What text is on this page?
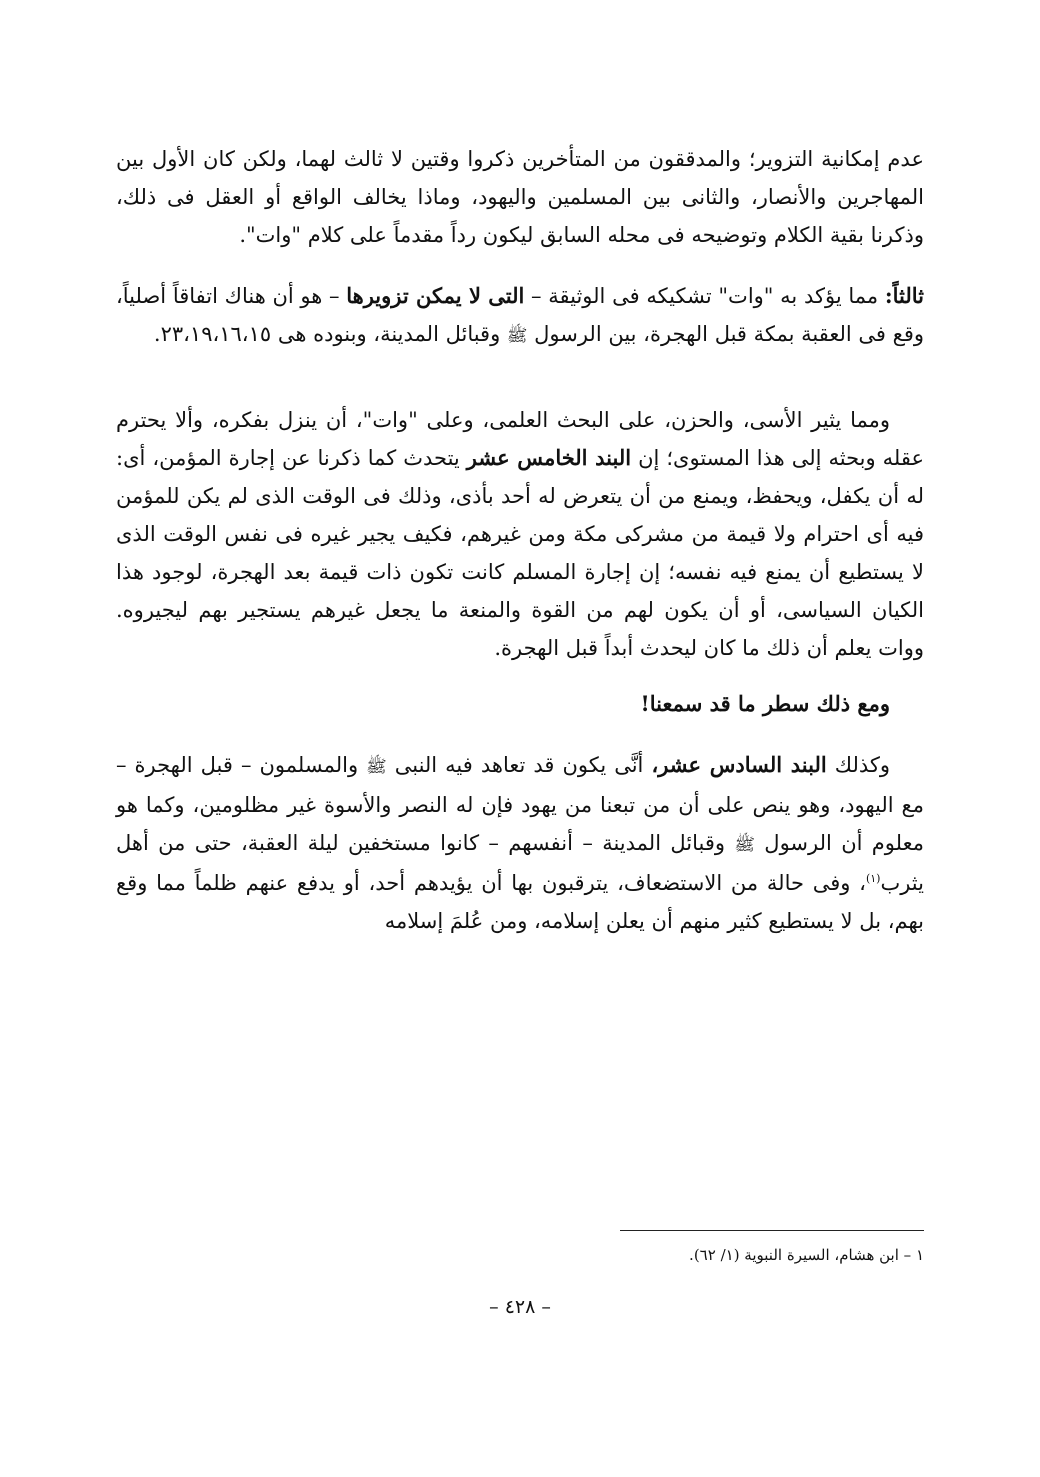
عدم إمكانية التزوير؛ والمدققون من المتأخرين ذكروا وقتين لا ثالث لهما، ولكن كان الأول بين المهاجرين والأنصار، والثانى بين المسلمين واليهود، وماذا يخالف الواقع أو العقل فى ذلك، وذكرنا بقية الكلام وتوضيحه فى محله السابق ليكون رداً مقدماً على كلام "وات".

ثالثاً: مما يؤكد به "وات" تشكيكه فى الوثيقة – التى لا يمكن تزويرها – هو أن هناك اتفاقاً أصلياً، وقع فى العقبة بمكة قبل الهجرة، بين الرسول ﷺ وقبائل المدينة، وبنوده هى ٢٣،١٩،١٦،١٥.

ومما يثير الأسى، والحزن، على البحث العلمى، وعلى "وات"، أن ينزل بفكره، وألا يحترم عقله وبحثه إلى هذا المستوى؛ إن البند الخامس عشر يتحدث كما ذكرنا عن إجارة المؤمن، أى: له أن يكفل، ويحفظ، ويمنع من أن يتعرض له أحد بأذى، وذلك فى الوقت الذى لم يكن للمؤمن فيه أى احترام ولا قيمة من مشركى مكة ومن غيرهم، فكيف يجير غيره فى نفس الوقت الذى لا يستطيع أن يمنع فيه نفسه؛ إن إجارة المسلم كانت تكون ذات قيمة بعد الهجرة، لوجود هذا الكيان السياسى، أو أن يكون لهم من القوة والمنعة ما يجعل غيرهم يستجير بهم ليجيروه. ووات يعلم أن ذلك ما كان ليحدث أبداً قبل الهجرة.

ومع ذلك سطر ما قد سمعنا!

وكذلك البند السادس عشر، أنَّى يكون قد تعاهد فيه النبى ﷺ والمسلمون – قبل الهجرة – مع اليهود، وهو ينص على أن من تبعنا من يهود فإن له النصر والأسوة غير مظلومين، وكما هو معلوم أن الرسول ﷺ وقبائل المدينة – أنفسهم – كانوا مستخفين ليلة العقبة، حتى من أهل يثرب$^{(١)}$، وفى حالة من الاستضعاف، يترقبون بها أن يؤيدهم أحد، أو يدفع عنهم ظلماً مما وقع بهم، بل لا يستطيع كثير منهم أن يعلن إسلامه، ومن عُلمَ إسلامه

١ – ابن هشام، السيرة النبوية (١/ ٦٢).
– ٤٢٨ –
